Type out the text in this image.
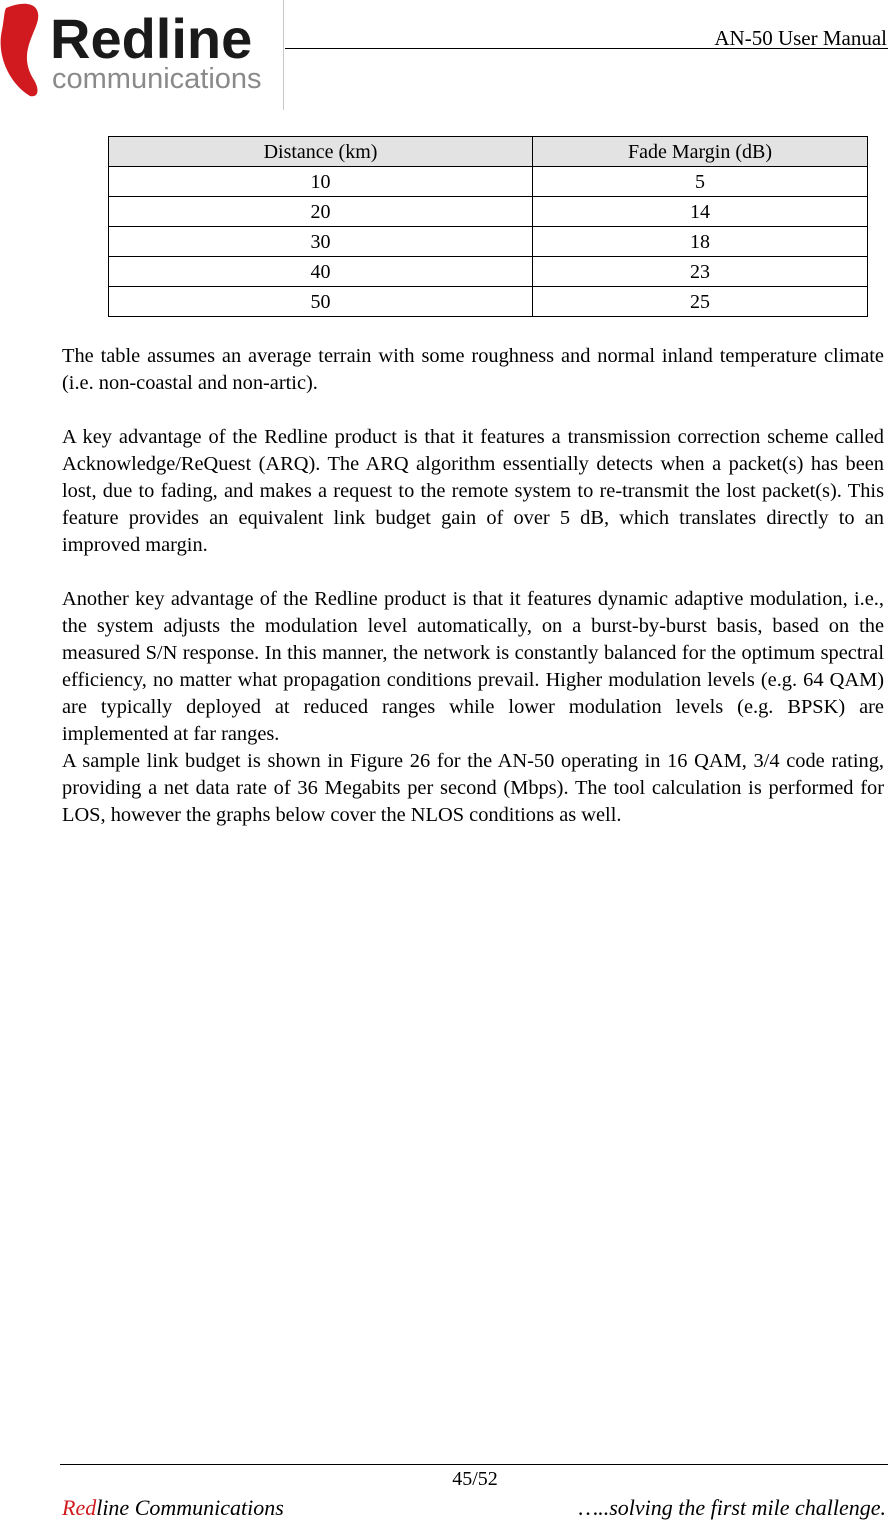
Redline
communications
AN-50 User Manual
Distance (km)	Fade Margin (dB)
10	5
20	14
30	18
40	23
50	25

The table assumes an average terrain with some roughness and normal inland temperature climate (i.e. non-coastal and non-artic).

A key advantage of the Redline product is that it features a transmission correction scheme called Acknowledge/ReQuest (ARQ). The ARQ algorithm essentially detects when a packet(s) has been lost, due to fading, and makes a request to the remote system to re-transmit the lost packet(s). This feature provides an equivalent link budget gain of over 5 dB, which translates directly to an improved margin.

Another key advantage of the Redline product is that it features dynamic adaptive modulation, i.e., the system adjusts the modulation level automatically, on a burst-by-burst basis, based on the measured S/N response. In this manner, the network is constantly balanced for the optimum spectral efficiency, no matter what propagation conditions prevail. Higher modulation levels (e.g. 64 QAM) are typically deployed at reduced ranges while lower modulation levels (e.g. BPSK) are implemented at far ranges.

A sample link budget is shown in Figure 26 for the AN-50 operating in 16 QAM, 3/4 code rating, providing a net data rate of 36 Megabits per second (Mbps). The tool calculation is performed for LOS, however the graphs below cover the NLOS conditions as well.

45/52
Redline Communications	…..solving the first mile challenge.
